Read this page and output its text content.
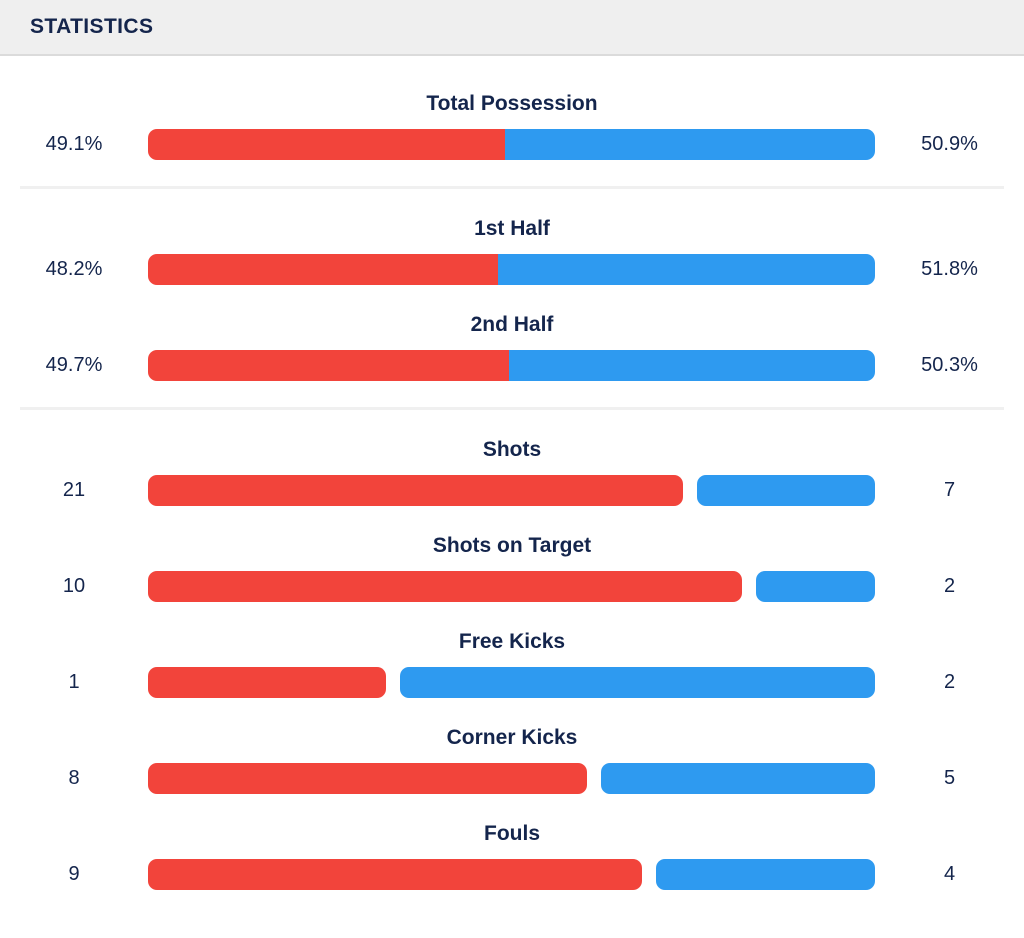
STATISTICS
Total Possession
49.1%	50.9%
1st Half
48.2%	51.8%
2nd Half
49.7%	50.3%
Shots
21	7
Shots on Target
10	2
Free Kicks
1	2
Corner Kicks
8	5
Fouls
9	4
